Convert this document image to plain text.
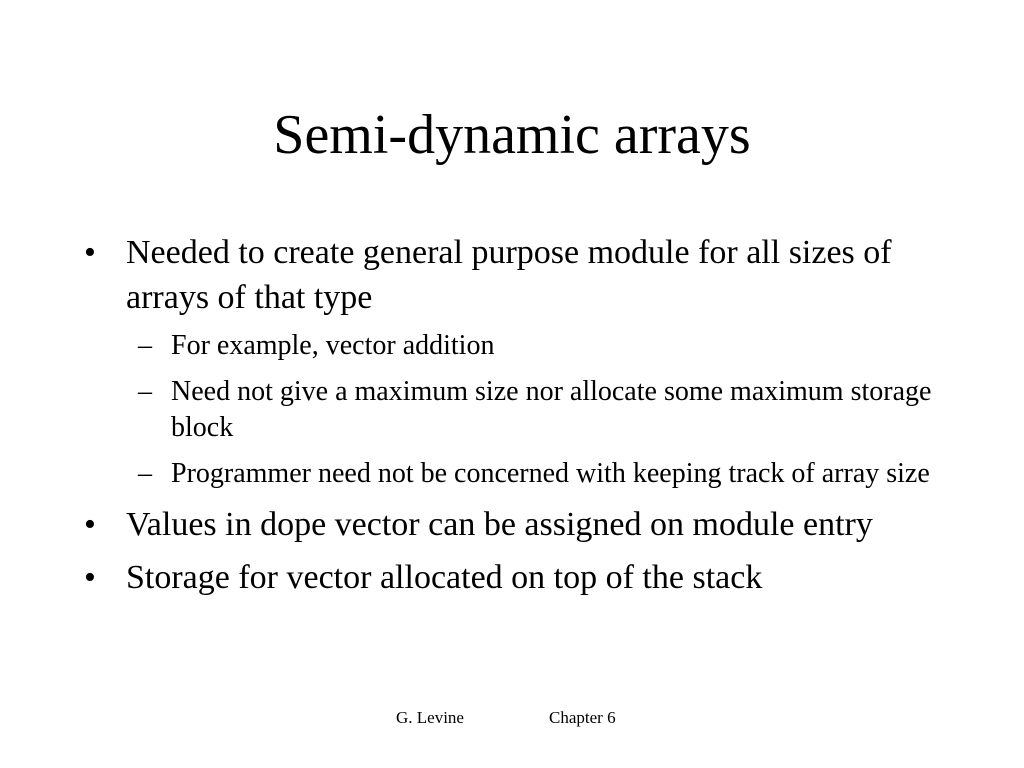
Semi-dynamic arrays
• Needed to create general purpose module for all sizes of arrays of that type
– For example, vector addition
– Need not give a maximum size nor allocate some maximum storage block
– Programmer need not be concerned with keeping track of array size
• Values in dope vector can be assigned on module entry
• Storage for vector allocated on top of the stack
G. Levine	Chapter 6
